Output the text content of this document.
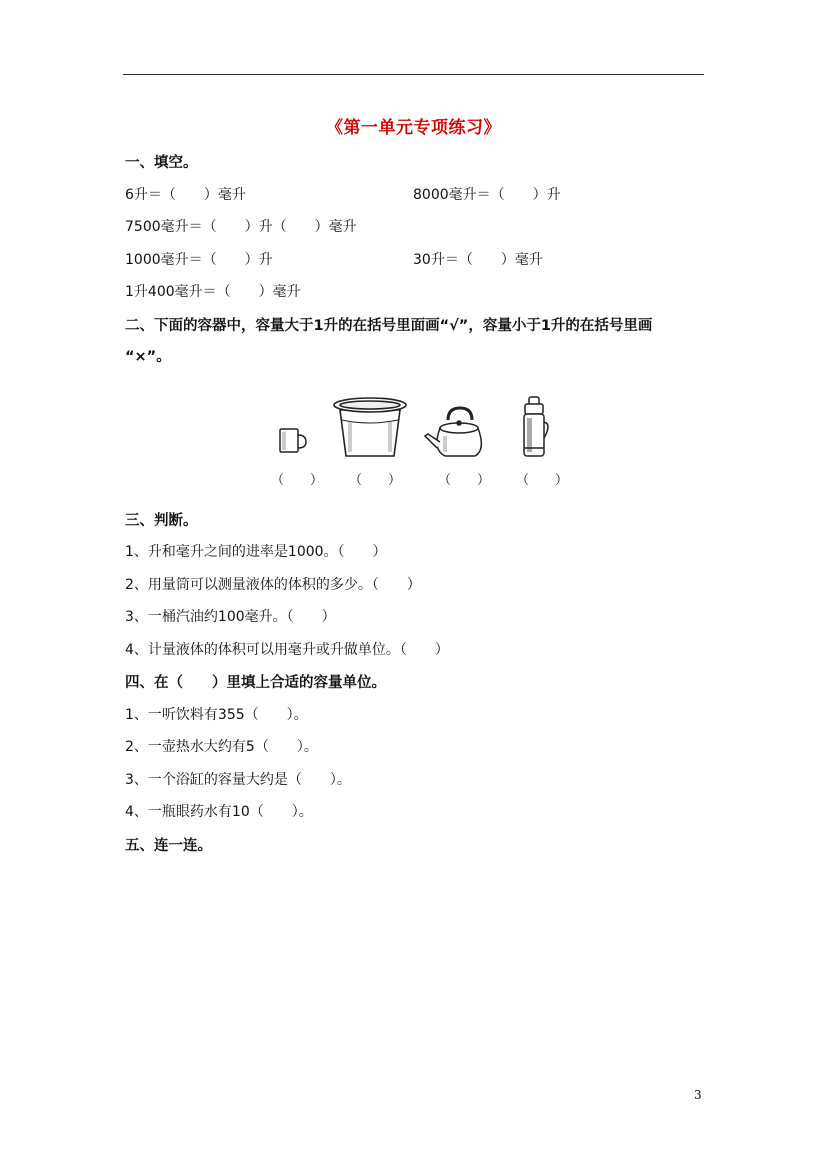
《第一单元专项练习》
一、填空。
6升＝（　　）毫升	8000毫升＝（　　）升
7500毫升＝（　　）升（　　）毫升
1000毫升＝（　　）升	30升＝（　　）毫升
1升400毫升＝（　　）毫升
二、下面的容器中，容量大于1升的在括号里面画“√”，容量小于1升的在括号里画
“×”。
（　　） （　　）	（　　） （　　）
三、判断。
1、升和毫升之间的进率是1000。（　　）
2、用量筒可以测量液体的体积的多少。（　　）
3、一桶汽油约100毫升。（　　）
4、计量液体的体积可以用毫升或升做单位。（　　）
四、在（　　）里填上合适的容量单位。
1、一听饮料有355（　　）。
2、一壶热水大约有5（　　）。
3、一个浴缸的容量大约是（　　）。
4、一瓶眼药水有10（　　）。
五、连一连。
3
